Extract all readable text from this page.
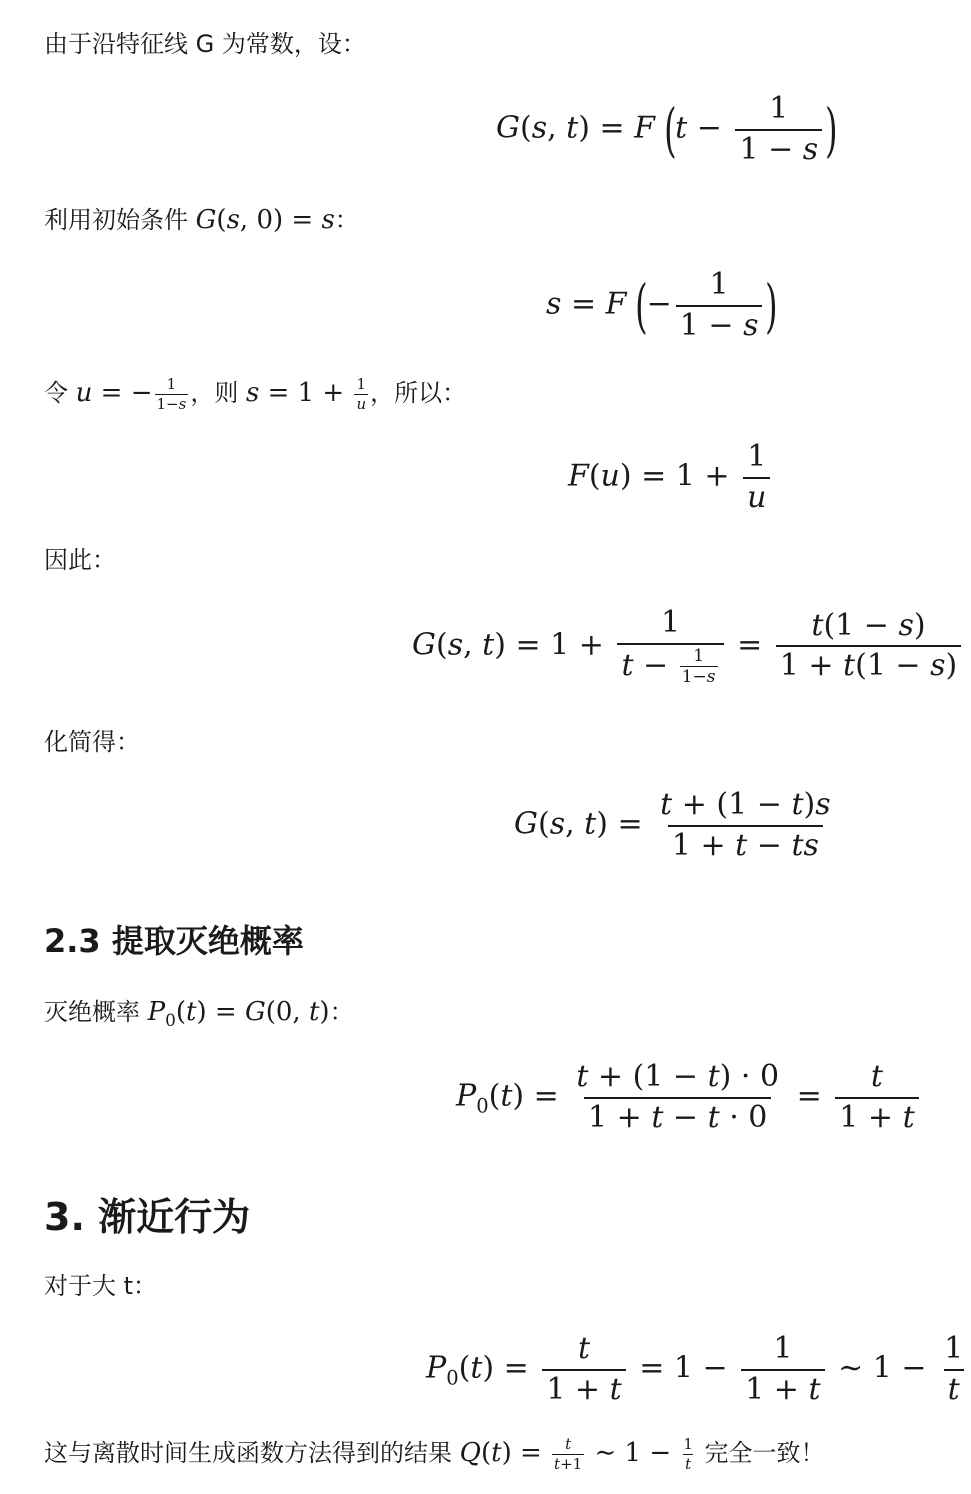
由于沿特征线 G 为常数，设：
G(s, t) = F ($t - \frac{1}{1 - s}$ )
利用初始条件 G(s, 0) = s：
s = F (− $\frac{1}{1 - s}$ )
令 u = − $\frac{1}{1-s}$ ，则 $s = 1 + \frac{1}{u}$ ，所以：
$F(u) = 1 + \frac{1}{u}$
因此：
G(s, $t) = 1 + \frac{1}{t - \frac{1}{1-s}} = \frac{t(1 - s)}{1 + t(1 - s)}$
化简得：
G(s, $t) = \frac{t + (1 - t)s}{1 + t - ts}$
2.3 提取灭绝概率
灭绝概率 $P_0(t) = G(0$, t)：
$P_0(t) = \frac{t + (1 - t) \cdot 0}{1 + t - t \cdot 0} = \frac{t}{1 + t}$
3. 渐近行为
对于大 t：
$P_0(t) = \frac{t}{1 + t} = 1 - \frac{1}{1 + t}$ ∼ $1 - \frac{1}{t}$
这与离散时间生成函数方法得到的结果 $Q(t) = \frac{t}{t+1}$ ∼ $1 - \frac{1}{t}$ 完全一致！
